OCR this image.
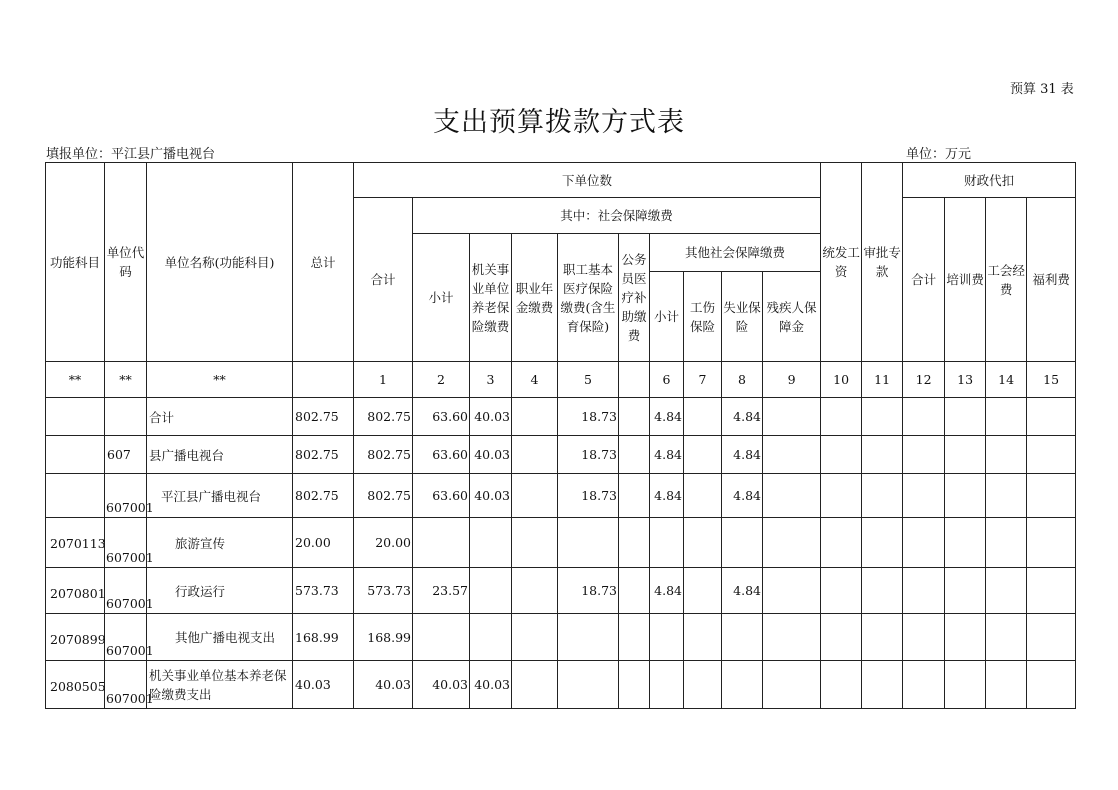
预算 31 表
支出预算拨款方式表
填报单位：平江县广播电视台	单位：万元
功能科目	单位代码	单位名称(功能科目)	总计	下单位数										统发工资	审批专款	财政代扣			
				合计	其中：社会保障缴费											合计	培训费	工会经费	福利费
					小计	机关事业单位养老保险缴费	职业年金缴费	职工基本医疗保险缴费(含生育保险)	公务员医疗补助缴费	其他社会保障缴费									
										小计	工伤保险	失业保险	残疾人保障金						
**	**	**		1	2	3	4	5		6	7	8	9	10	11	12	13	14	15
		合计	802.75	802.75	63.60	40.03		18.73		4.84		4.84							
	607	县广播电视台	802.75	802.75	63.60	40.03		18.73		4.84		4.84							
	607001	平江县广播电视台	802.75	802.75	63.60	40.03		18.73		4.84		4.84							
2070113	607001	旅游宣传	20.00	20.00															
2070801	607001	行政运行	573.73	573.73	23.57			18.73		4.84		4.84							
2070899	607001	其他广播电视支出	168.99	168.99															
2080505	607001	机关事业单位基本养老保险缴费支出	40.03	40.03	40.03	40.03													
